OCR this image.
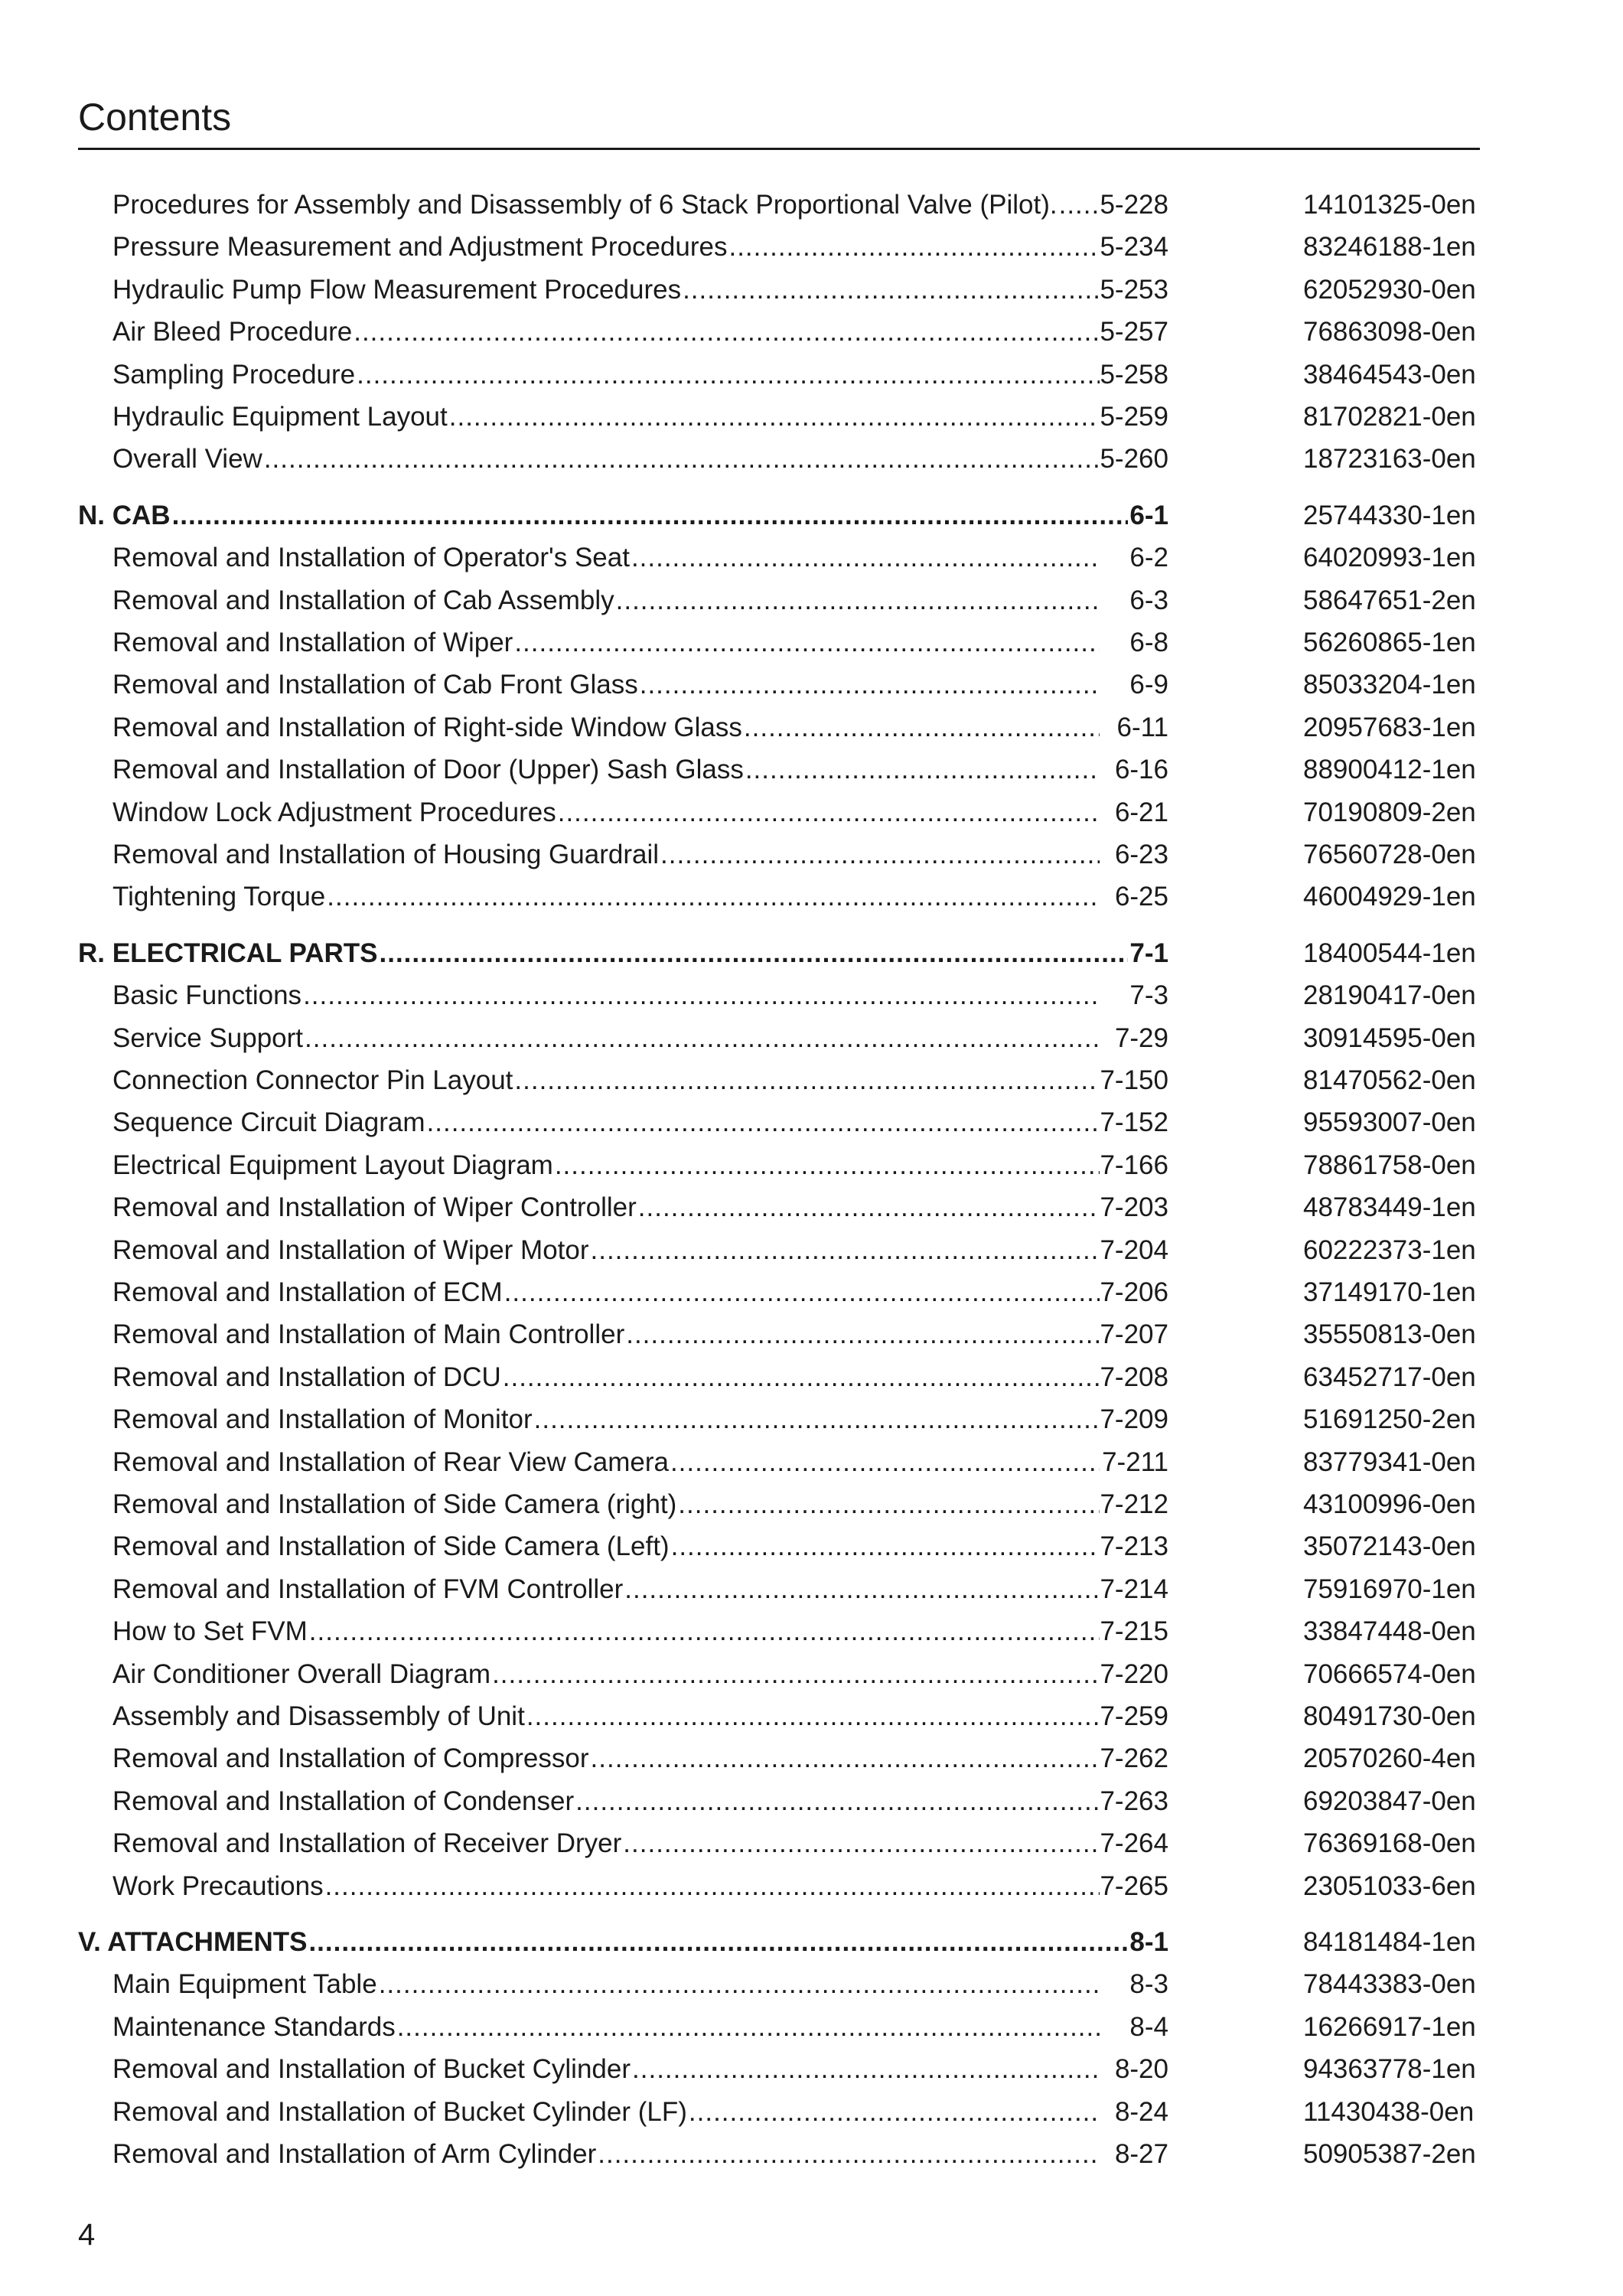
Contents
Procedures for Assembly and Disassembly of 6 Stack Proportional Valve (Pilot). .....	5-228	14101325-0en
Pressure Measurement and Adjustment Procedures .....	5-234	83246188-1en
Hydraulic Pump Flow Measurement Procedures .....	5-253	62052930-0en
Air Bleed Procedure .....	5-257	76863098-0en
Sampling Procedure .....	5-258	38464543-0en
Hydraulic Equipment Layout .....	5-259	81702821-0en
Overall View .....	5-260	18723163-0en
N. CAB .....	6-1	25744330-1en
Removal and Installation of Operator's Seat .....	6-2	64020993-1en
Removal and Installation of Cab Assembly .....	6-3	58647651-2en
Removal and Installation of Wiper .....	6-8	56260865-1en
Removal and Installation of Cab Front Glass .....	6-9	85033204-1en
Removal and Installation of Right-side Window Glass .....	6-11	20957683-1en
Removal and Installation of Door (Upper) Sash Glass .....	6-16	88900412-1en
Window Lock Adjustment Procedures .....	6-21	70190809-2en
Removal and Installation of Housing Guardrail .....	6-23	76560728-0en
Tightening Torque .....	6-25	46004929-1en
R. ELECTRICAL PARTS .....	7-1	18400544-1en
Basic Functions .....	7-3	28190417-0en
Service Support .....	7-29	30914595-0en
Connection Connector Pin Layout .....	7-150	81470562-0en
Sequence Circuit Diagram .....	7-152	95593007-0en
Electrical Equipment Layout Diagram .....	7-166	78861758-0en
Removal and Installation of Wiper Controller .....	7-203	48783449-1en
Removal and Installation of Wiper Motor .....	7-204	60222373-1en
Removal and Installation of ECM .....	7-206	37149170-1en
Removal and Installation of Main Controller .....	7-207	35550813-0en
Removal and Installation of DCU .....	7-208	63452717-0en
Removal and Installation of Monitor .....	7-209	51691250-2en
Removal and Installation of Rear View Camera .....	7-211	83779341-0en
Removal and Installation of Side Camera (right) .....	7-212	43100996-0en
Removal and Installation of Side Camera (Left) .....	7-213	35072143-0en
Removal and Installation of FVM Controller .....	7-214	75916970-1en
How to Set FVM .....	7-215	33847448-0en
Air Conditioner Overall Diagram .....	7-220	70666574-0en
Assembly and Disassembly of Unit .....	7-259	80491730-0en
Removal and Installation of Compressor .....	7-262	20570260-4en
Removal and Installation of Condenser .....	7-263	69203847-0en
Removal and Installation of Receiver Dryer .....	7-264	76369168-0en
Work Precautions .....	7-265	23051033-6en
V. ATTACHMENTS .....	8-1	84181484-1en
Main Equipment Table .....	8-3	78443383-0en
Maintenance Standards .....	8-4	16266917-1en
Removal and Installation of Bucket Cylinder .....	8-20	94363778-1en
Removal and Installation of Bucket Cylinder (LF) .....	8-24	11430438-0en
Removal and Installation of Arm Cylinder .....	8-27	50905387-2en
4
